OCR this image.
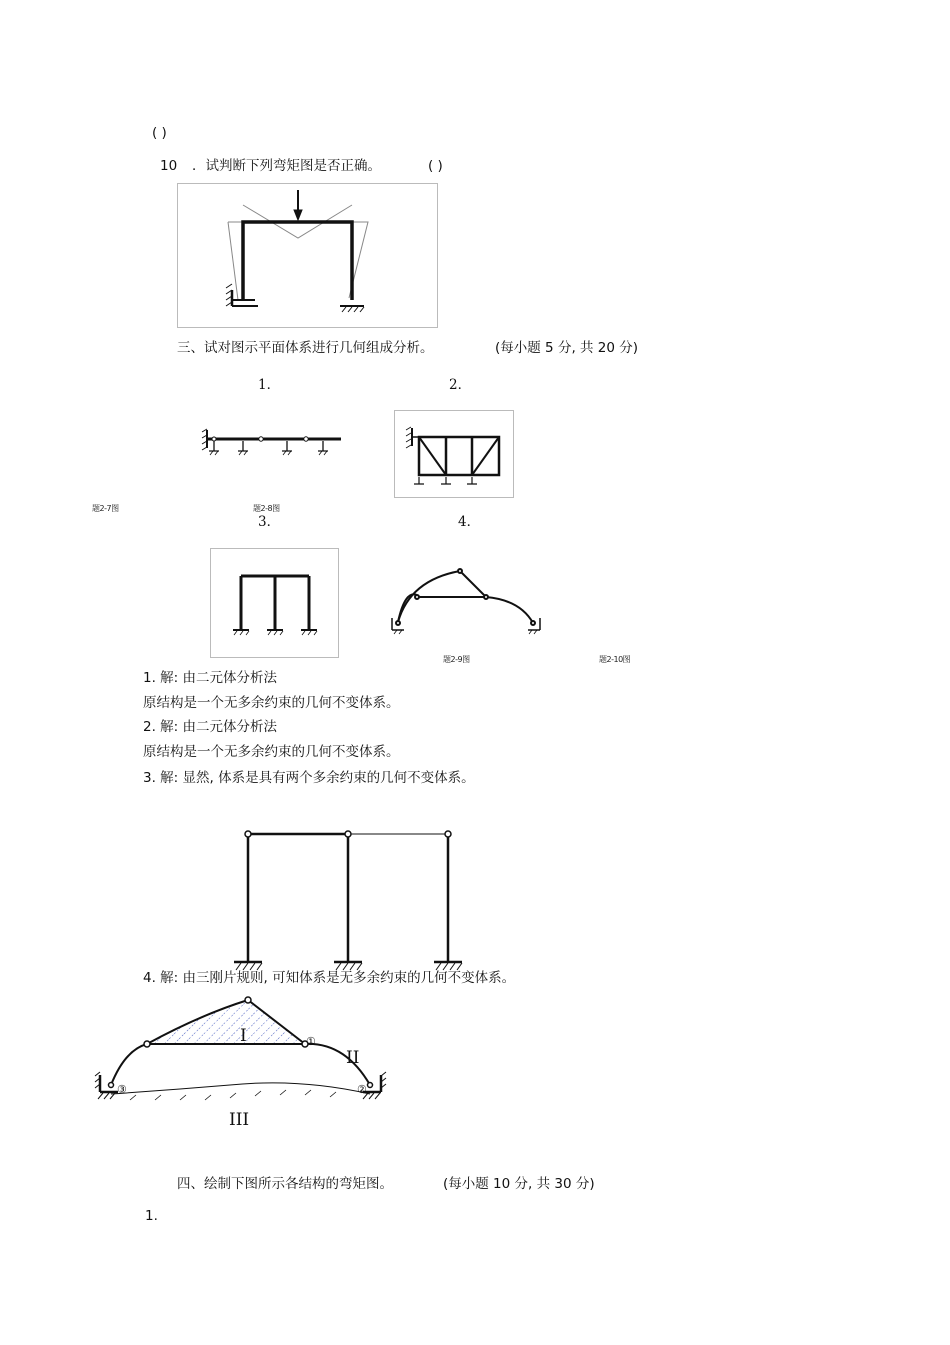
( )
10 ．试判断下列弯矩图是否正确。	( )
三、试对图示平面体系进行几何组成分析。	(每小题 5 分, 共 20 分)
1．	2．
题2-7图	题2-8图
3．	4．
题2-9图	题2-10图
1. 解: 由二元体分析法
原结构是一个无多余约束的几何不变体系。
2. 解: 由二元体分析法
原结构是一个无多余约束的几何不变体系。
3. 解: 显然, 体系是具有两个多余约束的几何不变体系。
4. 解: 由三刚片规则, 可知体系是无多余约束的几何不变体系。
I
II
III
①
②
③
四、绘制下图所示各结构的弯矩图。	(每小题 10 分, 共 30 分)
1.
